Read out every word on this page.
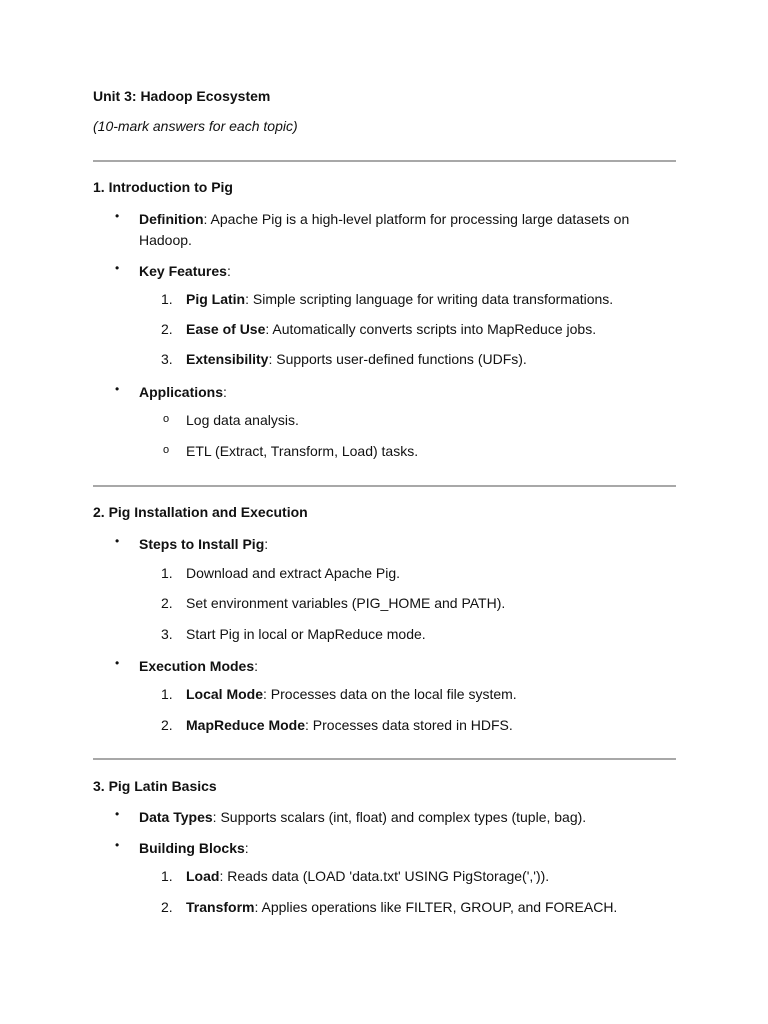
Unit 3: Hadoop Ecosystem
(10-mark answers for each topic)
1. Introduction to Pig
• Definition: Apache Pig is a high-level platform for processing large datasets on Hadoop.
• Key Features:
1. Pig Latin: Simple scripting language for writing data transformations.
2. Ease of Use: Automatically converts scripts into MapReduce jobs.
3. Extensibility: Supports user-defined functions (UDFs).
• Applications:
o Log data analysis.
o ETL (Extract, Transform, Load) tasks.
2. Pig Installation and Execution
• Steps to Install Pig:
1. Download and extract Apache Pig.
2. Set environment variables (PIG_HOME and PATH).
3. Start Pig in local or MapReduce mode.
• Execution Modes:
1. Local Mode: Processes data on the local file system.
2. MapReduce Mode: Processes data stored in HDFS.
3. Pig Latin Basics
• Data Types: Supports scalars (int, float) and complex types (tuple, bag).
• Building Blocks:
1. Load: Reads data (LOAD 'data.txt' USING PigStorage(',')).
2. Transform: Applies operations like FILTER, GROUP, and FOREACH.
